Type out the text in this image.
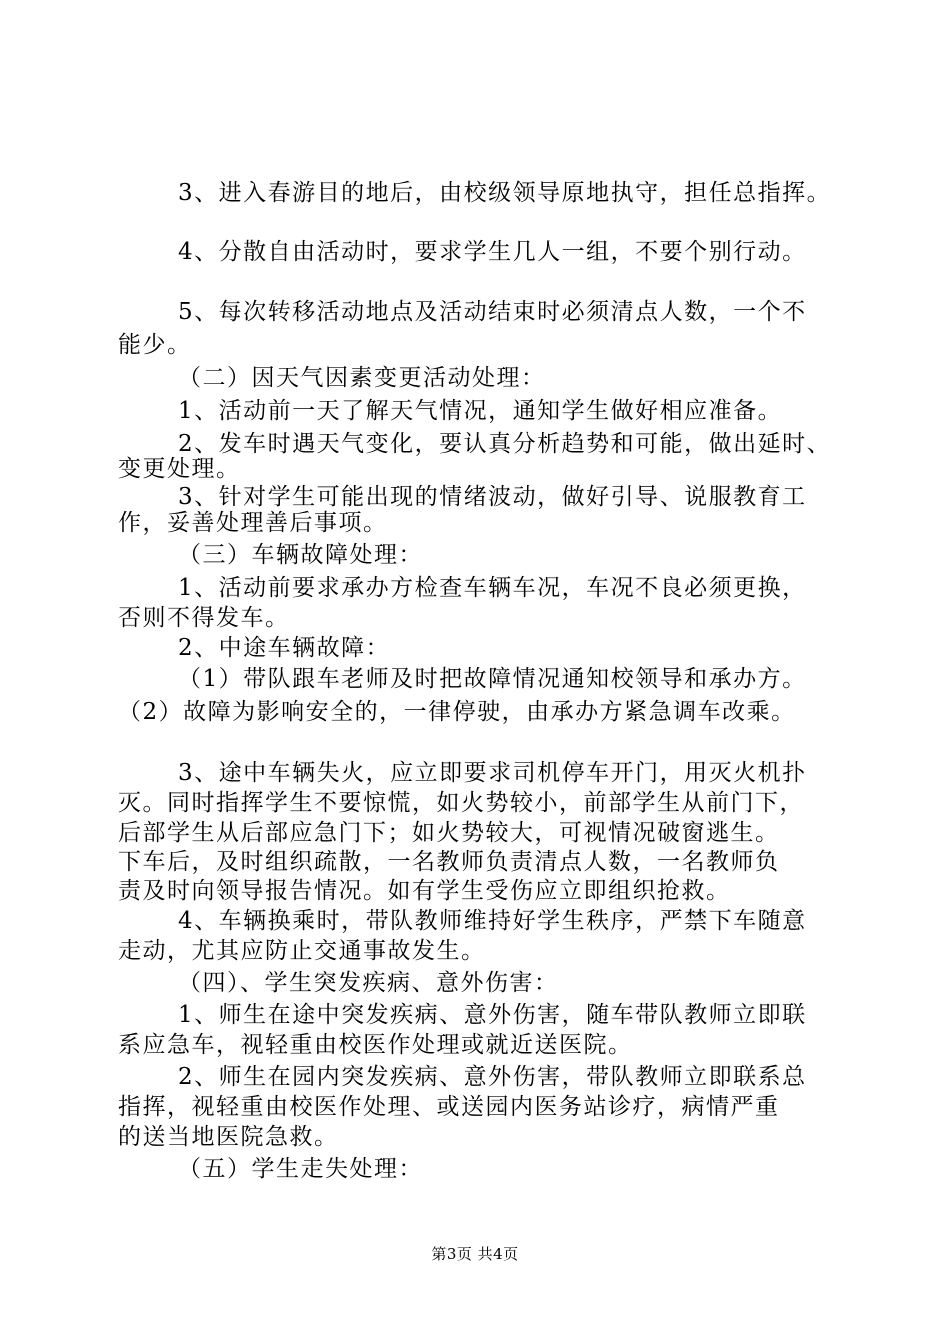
3、进入春游目的地后，由校级领导原地执守，担任总指挥。
4、分散自由活动时，要求学生几人一组，不要个别行动。
5、每次转移活动地点及活动结束时必须清点人数，一个不
能少。
（二）因天气因素变更活动处理：
1、活动前一天了解天气情况，通知学生做好相应准备。
2、发车时遇天气变化，要认真分析趋势和可能，做出延时、
变更处理。
3、针对学生可能出现的情绪波动，做好引导、说服教育工
作，妥善处理善后事项。
（三）车辆故障处理：
1、活动前要求承办方检查车辆车况，车况不良必须更换，
否则不得发车。
2、中途车辆故障：
（1）带队跟车老师及时把故障情况通知校领导和承办方。
（2）故障为影响安全的，一律停驶，由承办方紧急调车改乘。
3、途中车辆失火，应立即要求司机停车开门，用灭火机扑
灭。同时指挥学生不要惊慌，如火势较小，前部学生从前门下，
后部学生从后部应急门下；如火势较大，可视情况破窗逃生。
下车后，及时组织疏散，一名教师负责清点人数，一名教师负
责及时向领导报告情况。如有学生受伤应立即组织抢救。
4、车辆换乘时，带队教师维持好学生秩序，严禁下车随意
走动，尤其应防止交通事故发生。
（四）、学生突发疾病、意外伤害：
1、师生在途中突发疾病、意外伤害，随车带队教师立即联
系应急车，视轻重由校医作处理或就近送医院。
2、师生在园内突发疾病、意外伤害，带队教师立即联系总
指挥，视轻重由校医作处理、或送园内医务站诊疗，病情严重
的送当地医院急救。
（五）学生走失处理：
第3页 共4页
